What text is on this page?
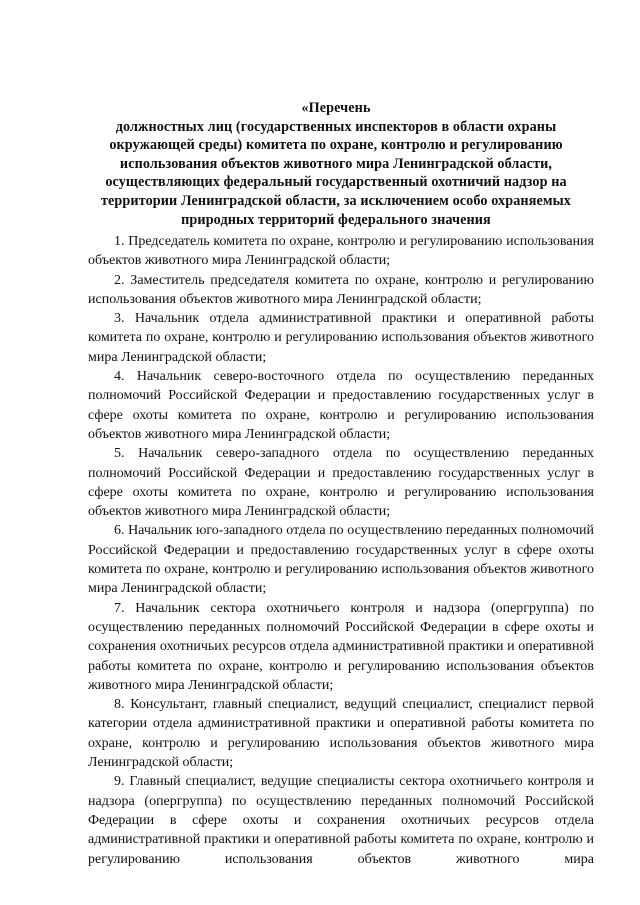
«Перечень
должностных лиц (государственных инспекторов в области охраны
окружающей среды) комитета по охране, контролю и регулированию
использования объектов животного мира Ленинградской области,
осуществляющих федеральный государственный охотничий надзор на
территории Ленинградской области, за исключением особо охраняемых
природных территорий федерального значения

1. Председатель комитета по охране, контролю и регулированию использования объектов животного мира Ленинградской области;

2. Заместитель председателя комитета по охране, контролю и регулированию использования объектов животного мира Ленинградской области;

3. Начальник отдела административной практики и оперативной работы комитета по охране, контролю и регулированию использования объектов животного мира Ленинградской области;

4. Начальник северо-восточного отдела по осуществлению переданных полномочий Российской Федерации и предоставлению государственных услуг в сфере охоты комитета по охране, контролю и регулированию использования объектов животного мира Ленинградской области;

5. Начальник северо-западного отдела по осуществлению переданных полномочий Российской Федерации и предоставлению государственных услуг в сфере охоты комитета по охране, контролю и регулированию использования объектов животного мира Ленинградской области;

6. Начальник юго-западного отдела по осуществлению переданных полномочий Российской Федерации и предоставлению государственных услуг в сфере охоты комитета по охране, контролю и регулированию использования объектов животного мира Ленинградской области;

7. Начальник сектора охотничьего контроля и надзора (опергруппа) по осуществлению переданных полномочий Российской Федерации в сфере охоты и сохранения охотничьих ресурсов отдела административной практики и оперативной работы комитета по охране, контролю и регулированию использования объектов животного мира Ленинградской области;

8. Консультант, главный специалист, ведущий специалист, специалист первой категории отдела административной практики и оперативной работы комитета по охране, контролю и регулированию использования объектов животного мира Ленинградской области;

9. Главный специалист, ведущие специалисты сектора охотничьего контроля и надзора (опергруппа) по осуществлению переданных полномочий Российской Федерации в сфере охоты и сохранения охотничьих ресурсов отдела административной практики и оперативной работы комитета по охране, контролю и регулированию использования объектов животного мира
